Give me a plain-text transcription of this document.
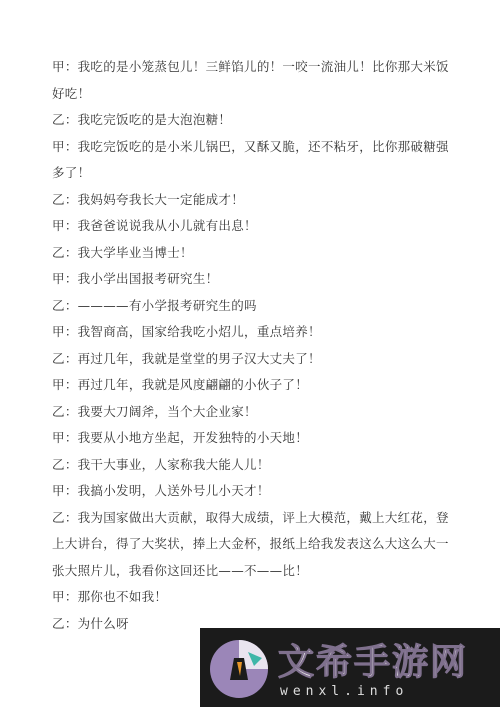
甲：我吃的是小笼蒸包儿！三鲜馅儿的！一咬一流油儿！比你那大米饭好吃！
乙：我吃完饭吃的是大泡泡糖！
甲：我吃完饭吃的是小米儿锅巴，又酥又脆，还不粘牙，比你那破糖强多了！
乙：我妈妈夸我长大一定能成才！
甲：我爸爸说说我从小儿就有出息！
乙：我大学毕业当博士！
甲：我小学出国报考研究生！
乙：————有小学报考研究生的吗
甲：我智商高，国家给我吃小炤儿，重点培养！
乙：再过几年，我就是堂堂的男子汉大丈夫了！
甲：再过几年，我就是风度翩翩的小伙子了！
乙：我要大刀阔斧，当个大企业家！
甲：我要从小地方坐起，开发独特的小天地！
乙：我干大事业，人家称我大能人儿！
甲：我搞小发明，人送外号儿小天才！
乙：我为国家做出大贡献，取得大成绩，评上大模范，戴上大红花，登上大讲台，得了大奖状，捧上大金杯，报纸上给我发表这么大这么大一张大照片儿，我看你这回还比——不——比！
甲：那你也不如我！
乙：为什么呀
文希手游网
wenxl.info
